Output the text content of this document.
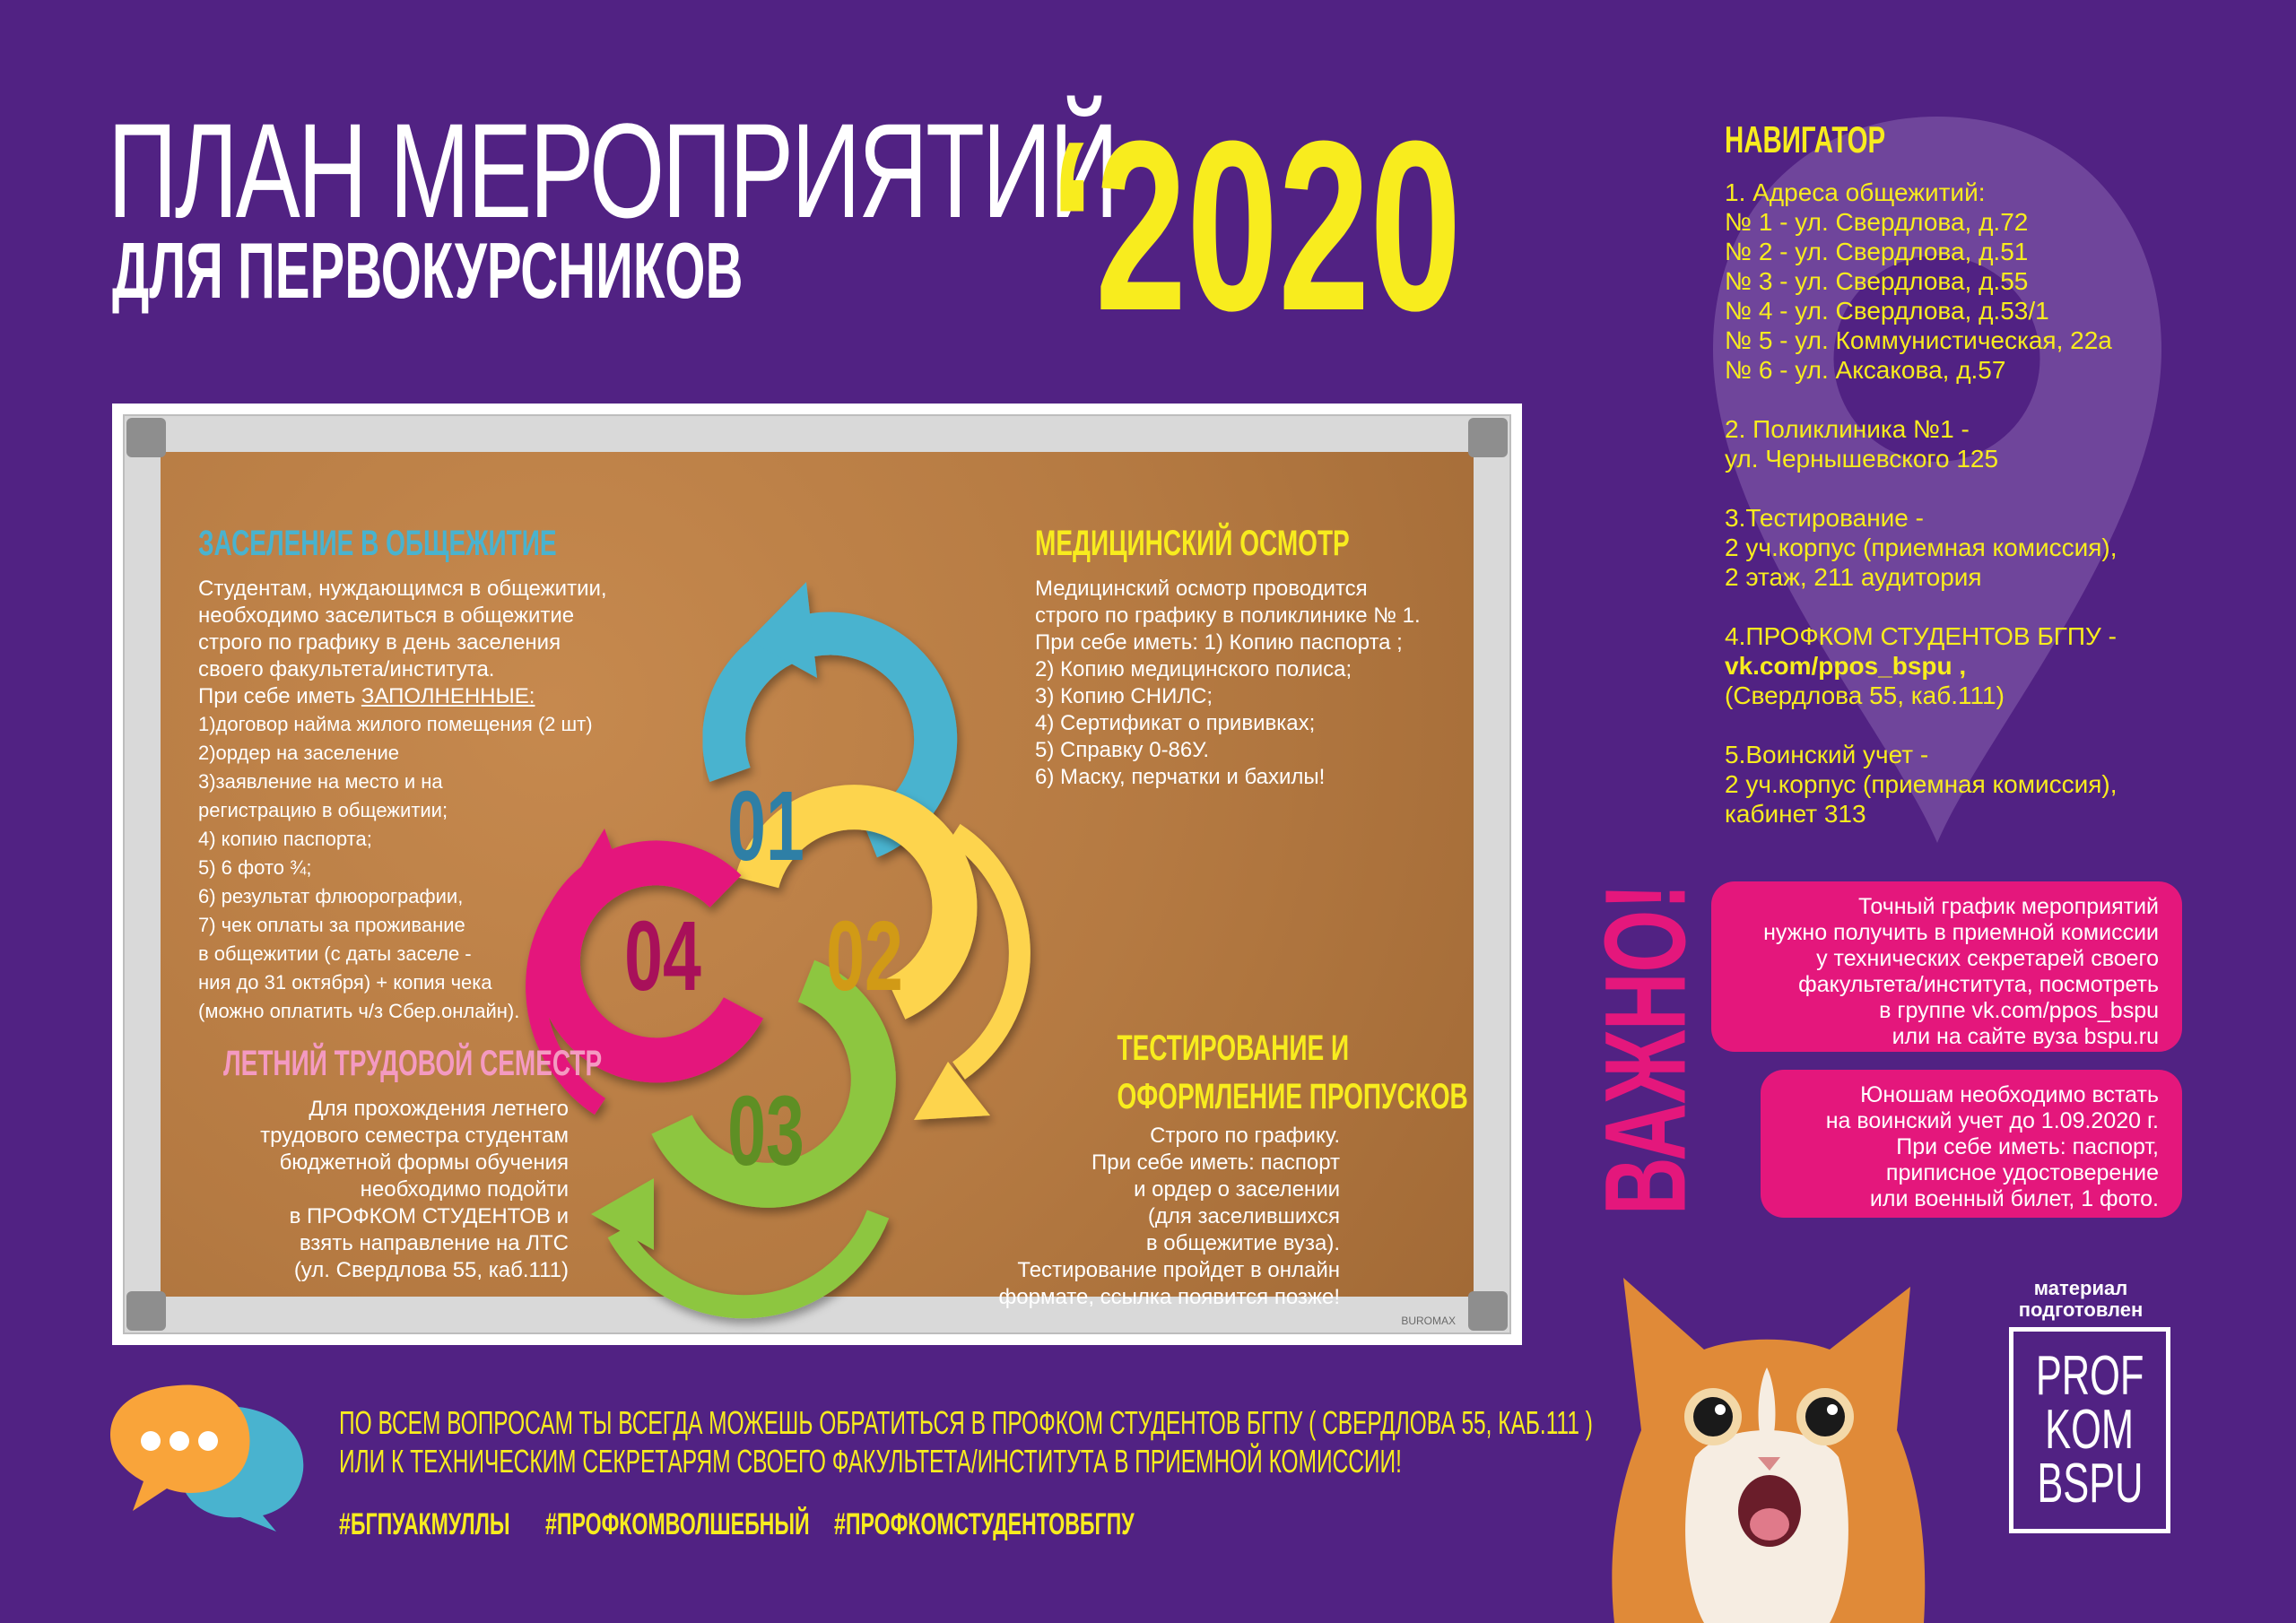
ПЛАН МЕРОПРИЯТИЙ
ДЛЯ ПЕРВОКУРСНИКОВ ‘2020
01
02
03
04
ЗАСЕЛЕНИЕ В ОБЩЕЖИТИЕ
Студентам, нуждающимся в общежитии,
необходимо заселиться в общежитие
строго по графику в день заселения
своего факультета/института.
При себе иметь ЗАПОЛНЕННЫЕ:
1)договор найма жилого помещения (2 шт)
2)ордер на заселение
3)заявление на место и на
регистрацию в общежитии;
4) копию паспорта;
5) 6 фото ¾;
6) результат флюорографии,
7) чек оплаты за проживание
в общежитии (с даты заселе -
ния до 31 октября) + копия чека
(можно оплатить ч/з Сбер.онлайн).
МЕДИЦИНСКИЙ ОСМОТР
Медицинский осмотр проводится
строго по графику в поликлинике № 1.
При себе иметь: 1) Копию паспорта ;
2) Копию медицинского полиса;
3) Копию СНИЛС;
4) Сертификат о прививках;
5) Справку 0-86У.
6) Маску, перчатки и бахилы!
ЛЕТНИЙ ТРУДОВОЙ СЕМЕСТР
Для прохождения летнего
трудового семестра студентам
бюджетной формы обучения
необходимо подойти
в ПРОФКОМ СТУДЕНТОВ и
взять направление на ЛТС
(ул. Свердлова 55, каб.111)
ТЕСТИРОВАНИЕ И
ОФОРМЛЕНИЕ ПРОПУСКОВ
Строго по графику.
При себе иметь: паспорт
и ордер о заселении
(для заселившихся
в общежитие вуза).
Тестирование пройдет в онлайн
формате, ссылка появится позже!
BUROMAX
НАВИГАТОР
1. Адреса общежитий:
№ 1 - ул. Свердлова, д.72
№ 2 - ул. Свердлова, д.51
№ 3 - ул. Свердлова, д.55
№ 4 - ул. Свердлова, д.53/1
№ 5 - ул. Коммунистическая, 22а
№ 6 - ул. Аксакова, д.57
2. Поликлиника №1 -
ул. Чернышевского 125
3.Тестирование -
2 уч.корпус (приемная комиссия),
2 этаж, 211 аудитория
4.ПРОФКОМ СТУДЕНТОВ БГПУ -
vk.com/ppos_bspu ,
(Свердлова 55, каб.111)
5.Воинский учет -
2 уч.корпус (приемная комиссия),
кабинет 313
ВАЖНО!	Точный график мероприятий
нужно получить в приемной комиссии
у технических секретарей своего
факультета/института, посмотреть
в группе vk.com/ppos_bspu
или на сайте вуза bspu.ru
Юношам необходимо встать
на воинский учет до 1.09.2020 г.
При себе иметь: паспорт,
приписное удостоверение
или военный билет, 1 фото.
ПО ВСЕМ ВОПРОСАМ ТЫ ВСЕГДА МОЖЕШЬ ОБРАТИТЬСЯ В ПРОФКОМ СТУДЕНТОВ БГПУ ( СВЕРДЛОВА 55, КАБ.111 )
ИЛИ К ТЕХНИЧЕСКИМ СЕКРЕТАРЯМ СВОЕГО ФАКУЛЬТЕТА/ИНСТИТУТА В ПРИЕМНОЙ КОМИССИИ!
#БГПУАКМУЛЛЫ #ПРОФКОМВОЛШЕБНЫЙ #ПРОФКОМСТУДЕНТОВБГПУ
материал
подготовлен
PROF
KOM
BSPU
